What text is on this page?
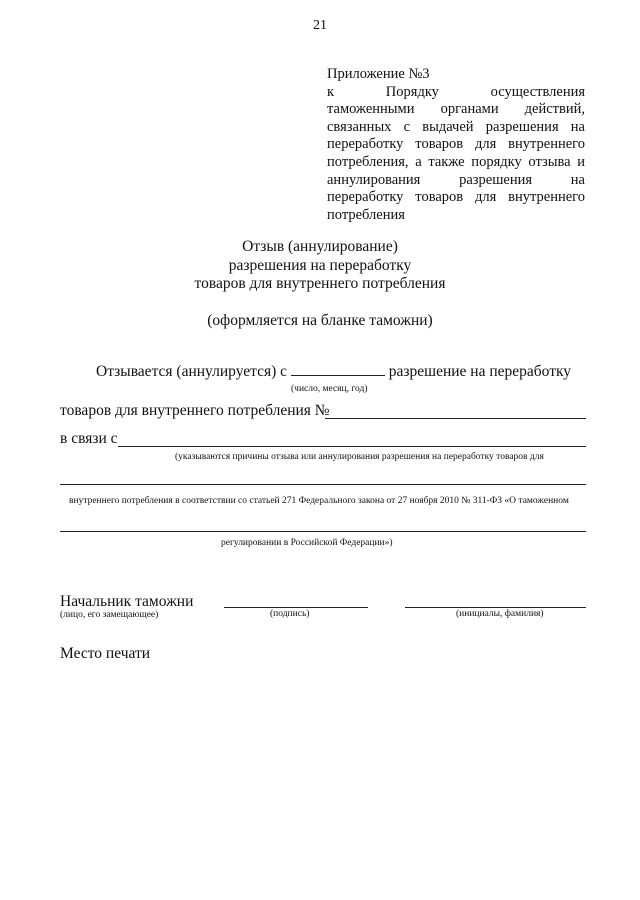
21
Приложение №3
к	Порядку	осуществления
таможенными органами действий,
связанных с выдачей разрешения на
переработку товаров для внутреннего
потребления, а также порядку отзыва и
аннулирования	разрешения	на
переработку товаров для внутреннего
потребления
Отзыв (аннулирование)
разрешения на переработку
товаров для внутреннего потребления
(оформляется на бланке таможни)
Отзывается (аннулируется) с	разрешение на переработку
(число, месяц, год)
товаров для внутреннего потребления №
в связи с
(указываются причины отзыва или аннулирования разрешения на переработку товаров для
внутреннего потребления в соответствии со статьей 271 Федерального закона от 27 ноября 2010 № 311-ФЗ «О таможенном
регулировании в Российской Федерации»)
Начальник таможни
(лицо, его замещающее)	(подпись)	(инициалы, фамилия)
Место печати
